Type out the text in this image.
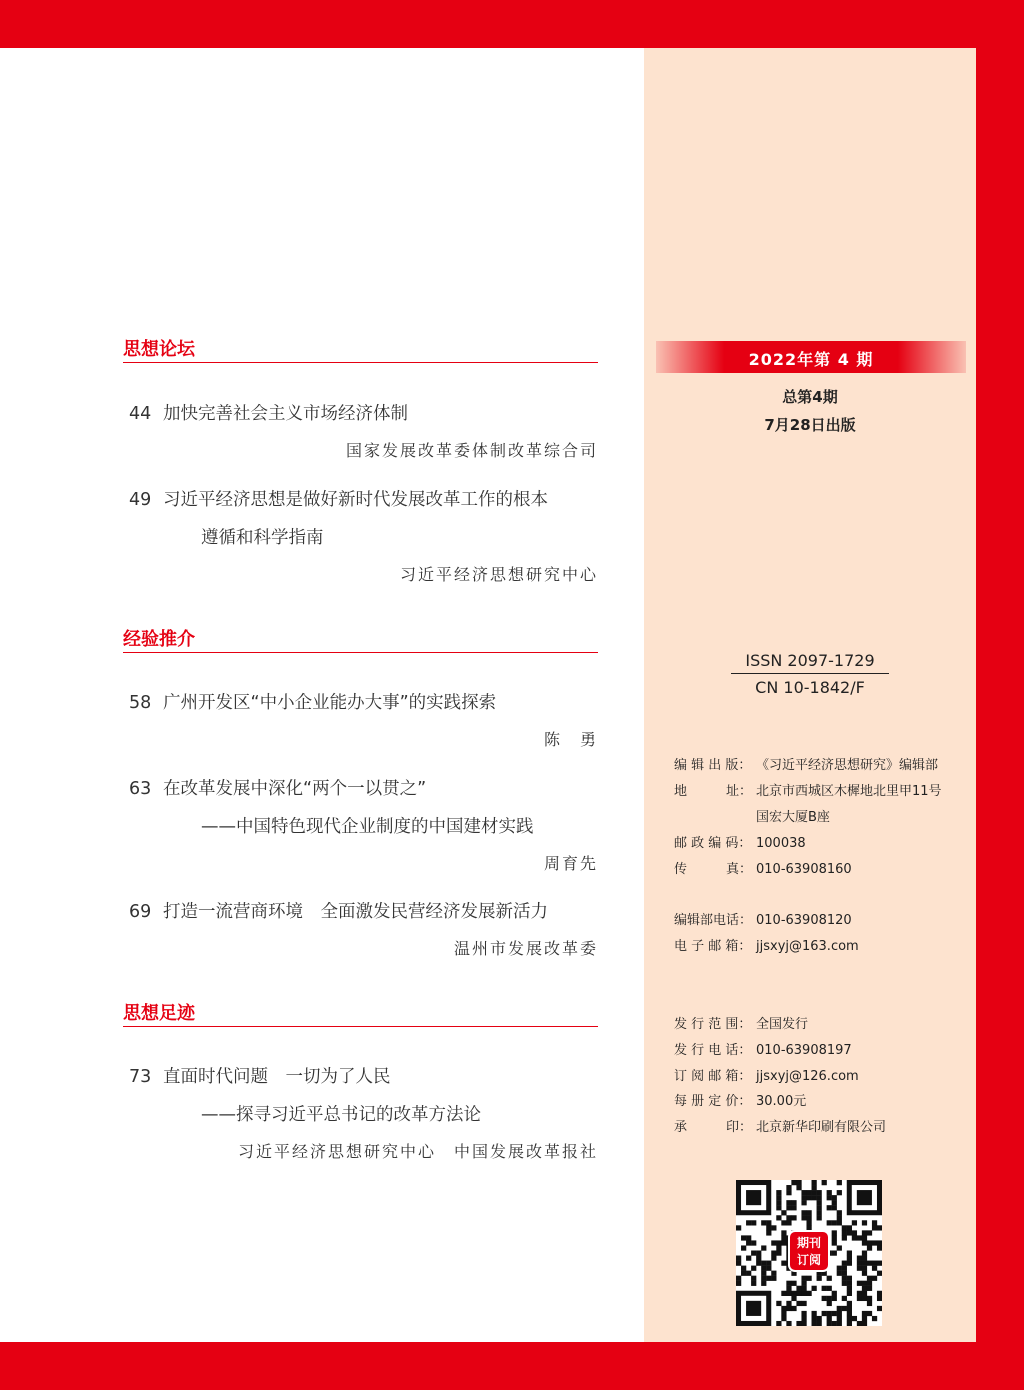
思想论坛
44 加快完善社会主义市场经济体制
国家发展改革委体制改革综合司
49 习近平经济思想是做好新时代发展改革工作的根本
遵循和科学指南
习近平经济思想研究中心
经验推介
58 广州开发区“中小企业能办大事”的实践探索
陈　勇
63 在改革发展中深化“两个一以贯之”
——中国特色现代企业制度的中国建材实践
周育先
69 打造一流营商环境　全面激发民营经济发展新活力
温州市发展改革委
思想足迹
73 直面时代问题　一切为了人民
——探寻习近平总书记的改革方法论
习近平经济思想研究中心　中国发展改革报社
2022年第 4 期
总第4期
7月28日出版
ISSN 2097-1729
CN 10-1842/F
编 辑 出 版： 《习近平经济思想研究》编辑部
地　　　址： 北京市西城区木樨地北里甲11号
国宏大厦B座
邮 政 编 码： 100038
传　　　真： 010-63908160
编辑部电话： 010-63908120
电 子 邮 箱： jjsxyj@163.com
发 行 范 围： 全国发行
发 行 电 话： 010-63908197
订 阅 邮 箱： jjsxyj@126.com
每 册 定 价： 30.00元
承　　　印： 北京新华印刷有限公司
期刊
订阅
